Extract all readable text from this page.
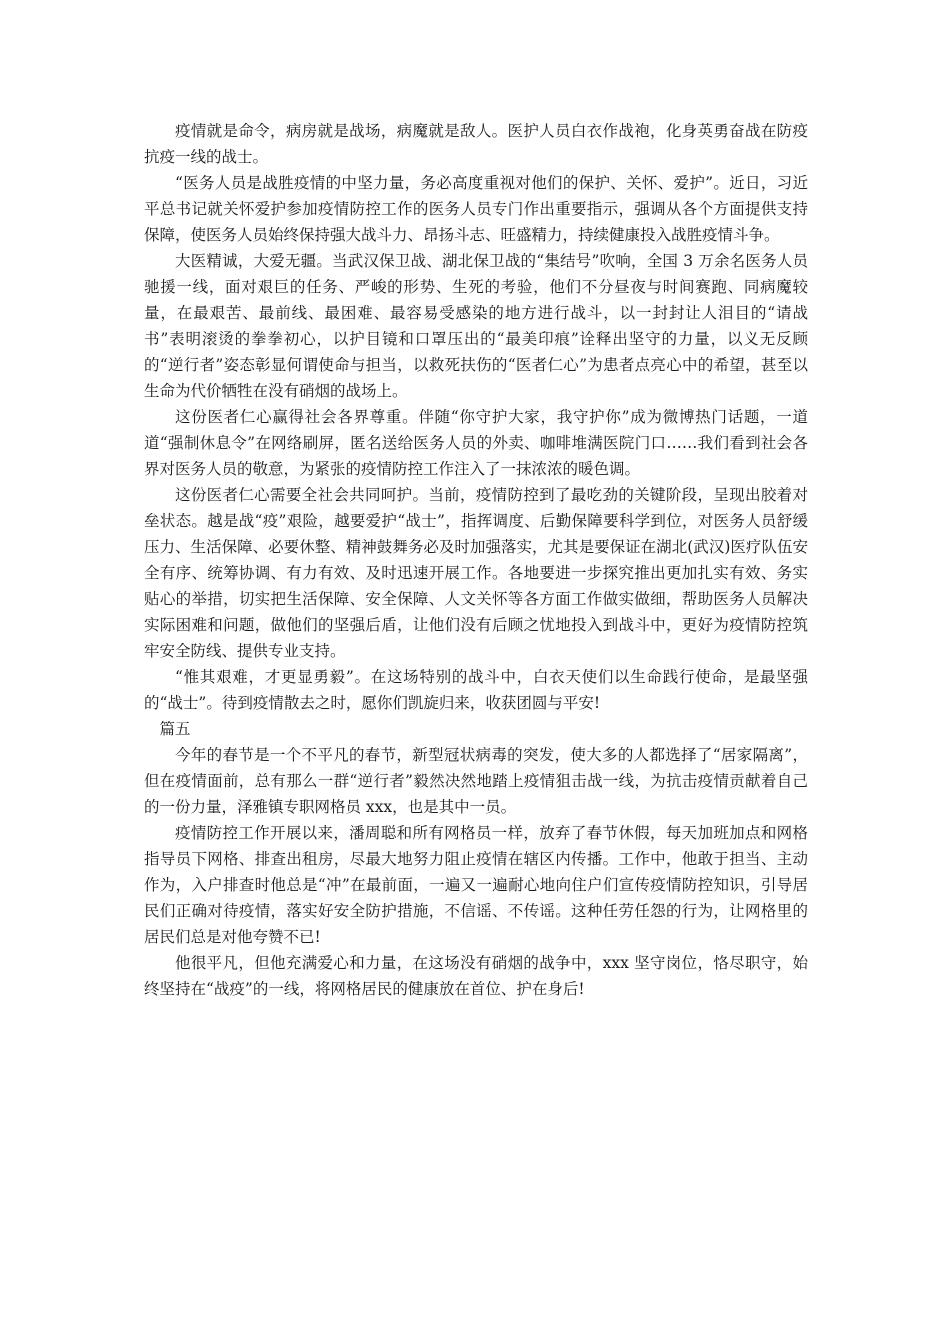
疫情就是命令，病房就是战场，病魔就是敌人。医护人员白衣作战袍，化身英勇奋战在防疫抗疫一线的战士。

“医务人员是战胜疫情的中坚力量，务必高度重视对他们的保护、关怀、爱护”。近日，习近平总书记就关怀爱护参加疫情防控工作的医务人员专门作出重要指示，强调从各个方面提供支持保障，使医务人员始终保持强大战斗力、昂扬斗志、旺盛精力，持续健康投入战胜疫情斗争。

大医精诚，大爱无疆。当武汉保卫战、湖北保卫战的“集结号”吹响，全国 3 万余名医务人员驰援一线，面对艰巨的任务、严峻的形势、生死的考验，他们不分昼夜与时间赛跑、同病魔较量，在最艰苦、最前线、最困难、最容易受感染的地方进行战斗，以一封封让人泪目的“请战书”表明滚烫的拳拳初心，以护目镜和口罩压出的“最美印痕”诠释出坚守的力量，以义无反顾的“逆行者”姿态彰显何谓使命与担当，以救死扶伤的“医者仁心”为患者点亮心中的希望，甚至以生命为代价牺牲在没有硝烟的战场上。

这份医者仁心赢得社会各界尊重。伴随“你守护大家，我守护你”成为微博热门话题，一道道“强制休息令”在网络刷屏，匿名送给医务人员的外卖、咖啡堆满医院门口……我们看到社会各界对医务人员的敬意，为紧张的疫情防控工作注入了一抹浓浓的暖色调。

这份医者仁心需要全社会共同呵护。当前，疫情防控到了最吃劲的关键阶段，呈现出胶着对垒状态。越是战“疫”艰险，越要爱护“战士”，指挥调度、后勤保障要科学到位，对医务人员舒缓压力、生活保障、必要休整、精神鼓舞务必及时加强落实，尤其是要保证在湖北(武汉)医疗队伍安全有序、统筹协调、有力有效、及时迅速开展工作。各地要进一步探究推出更加扎实有效、务实贴心的举措，切实把生活保障、安全保障、人文关怀等各方面工作做实做细，帮助医务人员解决实际困难和问题，做他们的坚强后盾，让他们没有后顾之忧地投入到战斗中，更好为疫情防控筑牢安全防线、提供专业支持。

“惟其艰难，才更显勇毅”。在这场特别的战斗中，白衣天使们以生命践行使命，是最坚强的“战士”。待到疫情散去之时，愿你们凯旋归来，收获团圆与平安!

篇五

今年的春节是一个不平凡的春节，新型冠状病毒的突发，使大多的人都选择了“居家隔离”，但在疫情面前，总有那么一群“逆行者”毅然决然地踏上疫情狙击战一线，为抗击疫情贡献着自己的一份力量，泽雅镇专职网格员 xxx，也是其中一员。

疫情防控工作开展以来，潘周聪和所有网格员一样，放弃了春节休假，每天加班加点和网格指导员下网格、排查出租房，尽最大地努力阻止疫情在辖区内传播。工作中，他敢于担当、主动作为，入户排查时他总是“冲”在最前面，一遍又一遍耐心地向住户们宣传疫情防控知识，引导居民们正确对待疫情，落实好安全防护措施，不信谣、不传谣。这种任劳任怨的行为，让网格里的居民们总是对他夸赞不已!

他很平凡，但他充满爱心和力量，在这场没有硝烟的战争中，xxx 坚守岗位，恪尽职守，始终坚持在“战疫”的一线，将网格居民的健康放在首位、护在身后!
